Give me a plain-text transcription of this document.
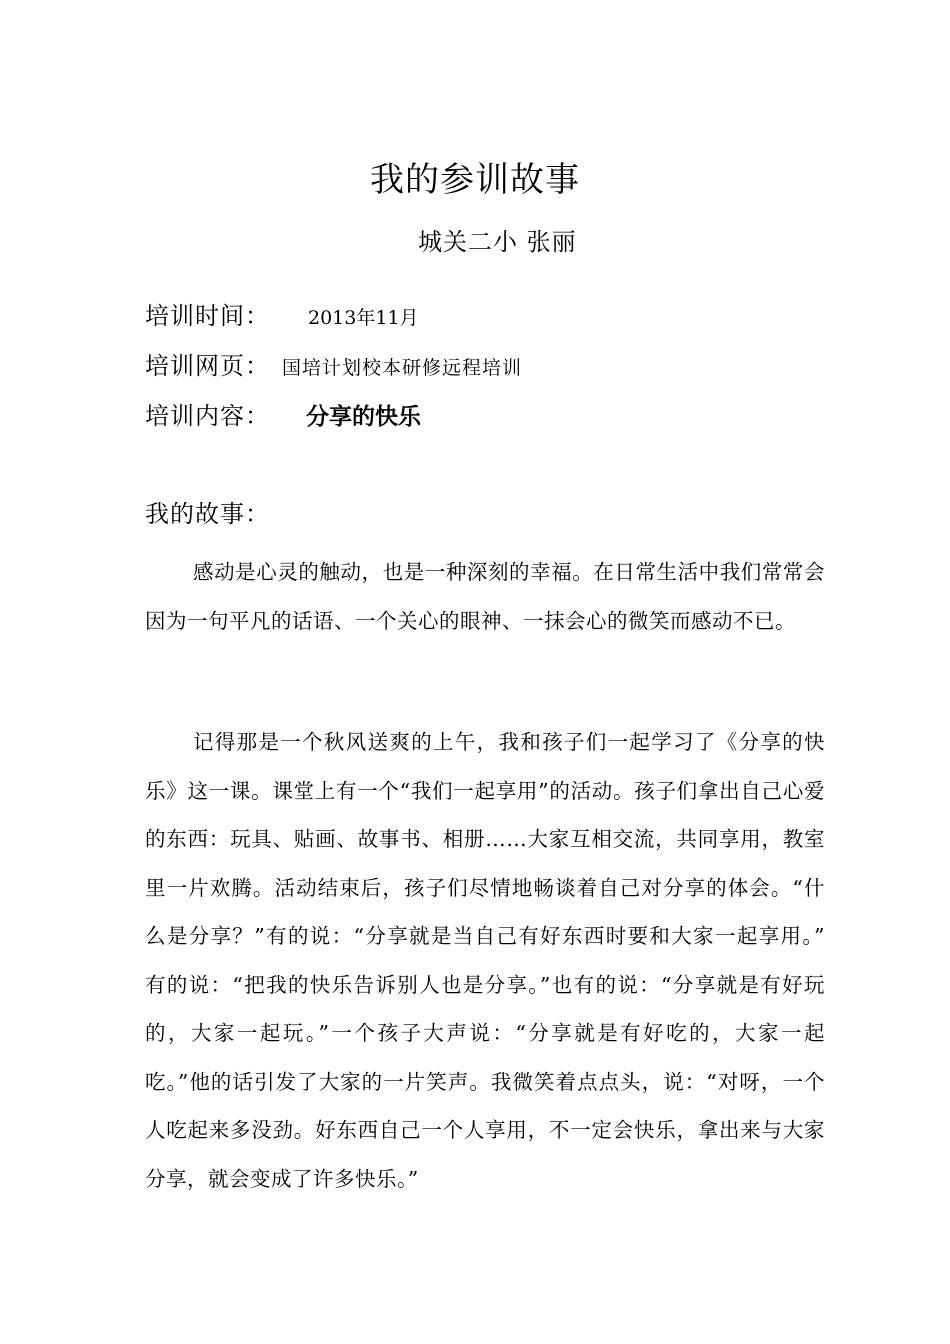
我的参训故事
城关二小 张丽
培训时间： 2013年11月
培训网页： 国培计划校本研修远程培训
培训内容： 分享的快乐
我的故事：

感动是心灵的触动，也是一种深刻的幸福。在日常生活中我们常常会因为一句平凡的话语、一个关心的眼神、一抹会心的微笑而感动不已。

记得那是一个秋风送爽的上午，我和孩子们一起学习了《分享的快乐》这一课。课堂上有一个“我们一起享用”的活动。孩子们拿出自己心爱的东西：玩具、贴画、故事书、相册……大家互相交流，共同享用，教室里一片欢腾。活动结束后，孩子们尽情地畅谈着自己对分享的体会。“什么是分享？”有的说：“分享就是当自己有好东西时要和大家一起享用。” 有的说：“把我的快乐告诉别人也是分享。”也有的说：“分享就是有好玩的，大家一起玩。”一个孩子大声说：“分享就是有好吃的，大家一起吃。”他的话引发了大家的一片笑声。我微笑着点点头，说：“对呀，一个人吃起来多没劲。好东西自己一个人享用，不一定会快乐，拿出来与大家分享，就会变成了许多快乐。”
